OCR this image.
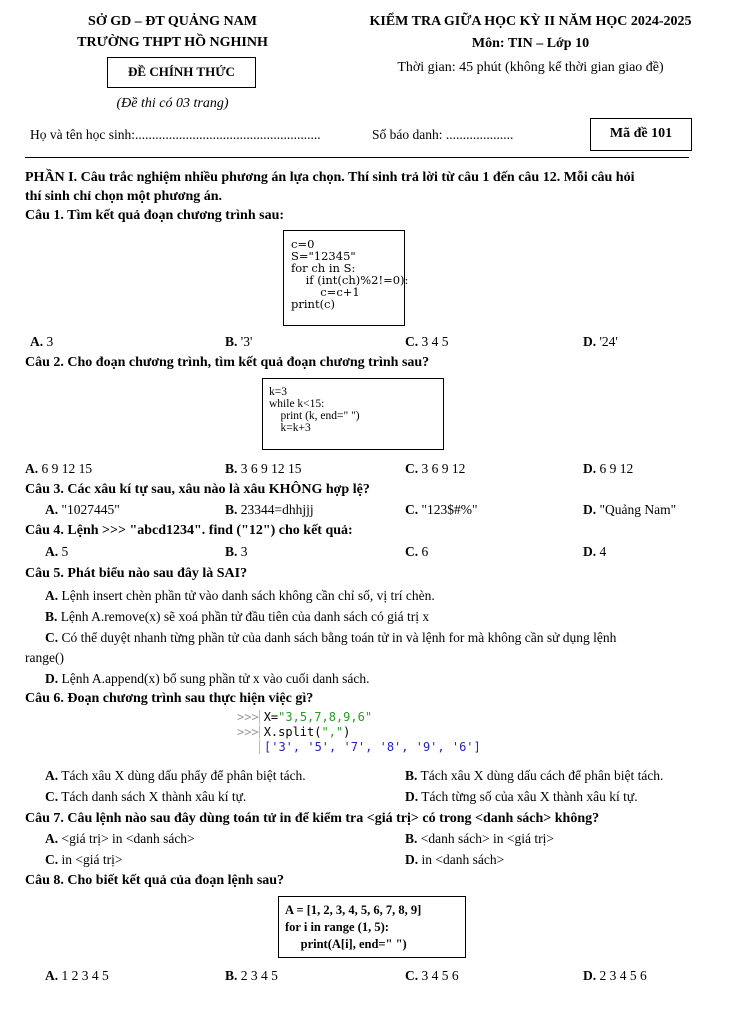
SỞ GD – ĐT QUẢNG NAM
TRƯỜNG THPT HỒ NGHINH
ĐỀ CHÍNH THỨC
(Đề thi có 03 trang)
KIỂM TRA GIỮA HỌC KỲ II NĂM HỌC 2024-2025
Môn: TIN – Lớp 10
Thời gian: 45 phút (không kể thời gian giao đề)
Họ và tên học sinh:.......................................................	Số báo danh: ....................	Mã đề 101
PHẦN I. Câu trắc nghiệm nhiều phương án lựa chọn. Thí sinh trả lời từ câu 1 đến câu 12. Mỗi câu hỏi
thí sinh chỉ chọn một phương án.
Câu 1. Tìm kết quả đoạn chương trình sau:
c=0
S="12345"
for ch in S:
if (int(ch)%2!=0):
c=c+1
print(c)
A. 3	B. '3'	C. 3 4 5	D. '24'
Câu 2. Cho đoạn chương trình, tìm kết quả đoạn chương trình sau?
k=3
while k<15:
print (k, end=" ")
k=k+3
A. 6 9 12 15	B. 3 6 9 12 15	C. 3 6 9 12	D. 6 9 12
Câu 3. Các xâu kí tự sau, xâu nào là xâu KHÔNG hợp lệ?
A. "1027445"	B. 23344=dhhjjj	C. "123$#%"	D. "Quảng Nam"
Câu 4. Lệnh >>> "abcd1234". find ("12") cho kết quả:
A. 5	B. 3	C. 6	D. 4
Câu 5. Phát biểu nào sau đây là SAI?
A. Lệnh insert chèn phần tử vào danh sách không cần chỉ số, vị trí chèn.
B. Lệnh A.remove(x) sẽ xoá phần tử đầu tiên của danh sách có giá trị x
C. Có thể duyệt nhanh từng phần tử của danh sách bằng toán tử in và lệnh for mà không cần sử dụng lệnh
range()
D. Lệnh A.append(x) bổ sung phần tử x vào cuối danh sách.
Câu 6. Đoạn chương trình sau thực hiện việc gì?
>>> X="3,5,7,8,9,6"
>>> X.split(",")
['3', '5', '7', '8', '9', '6']
A. Tách xâu X dùng dấu phẩy để phân biệt tách.	B. Tách xâu X dùng dấu cách để phân biệt tách.
C. Tách danh sách X thành xâu kí tự.	D. Tách từng số của xâu X thành xâu kí tự.
Câu 7. Câu lệnh nào sau đây dùng toán tử in để kiểm tra <giá trị> có trong <danh sách> không?
A. <giá trị> in <danh sách>	B. <danh sách> in <giá trị>
C. in <giá trị>	D. in <danh sách>
Câu 8. Cho biết kết quả của đoạn lệnh sau?
A = [1, 2, 3, 4, 5, 6, 7, 8, 9]
for i in range (1, 5):
print(A[i], end=" ")
A. 1 2 3 4 5	B. 2 3 4 5	C. 3 4 5 6	D. 2 3 4 5 6
